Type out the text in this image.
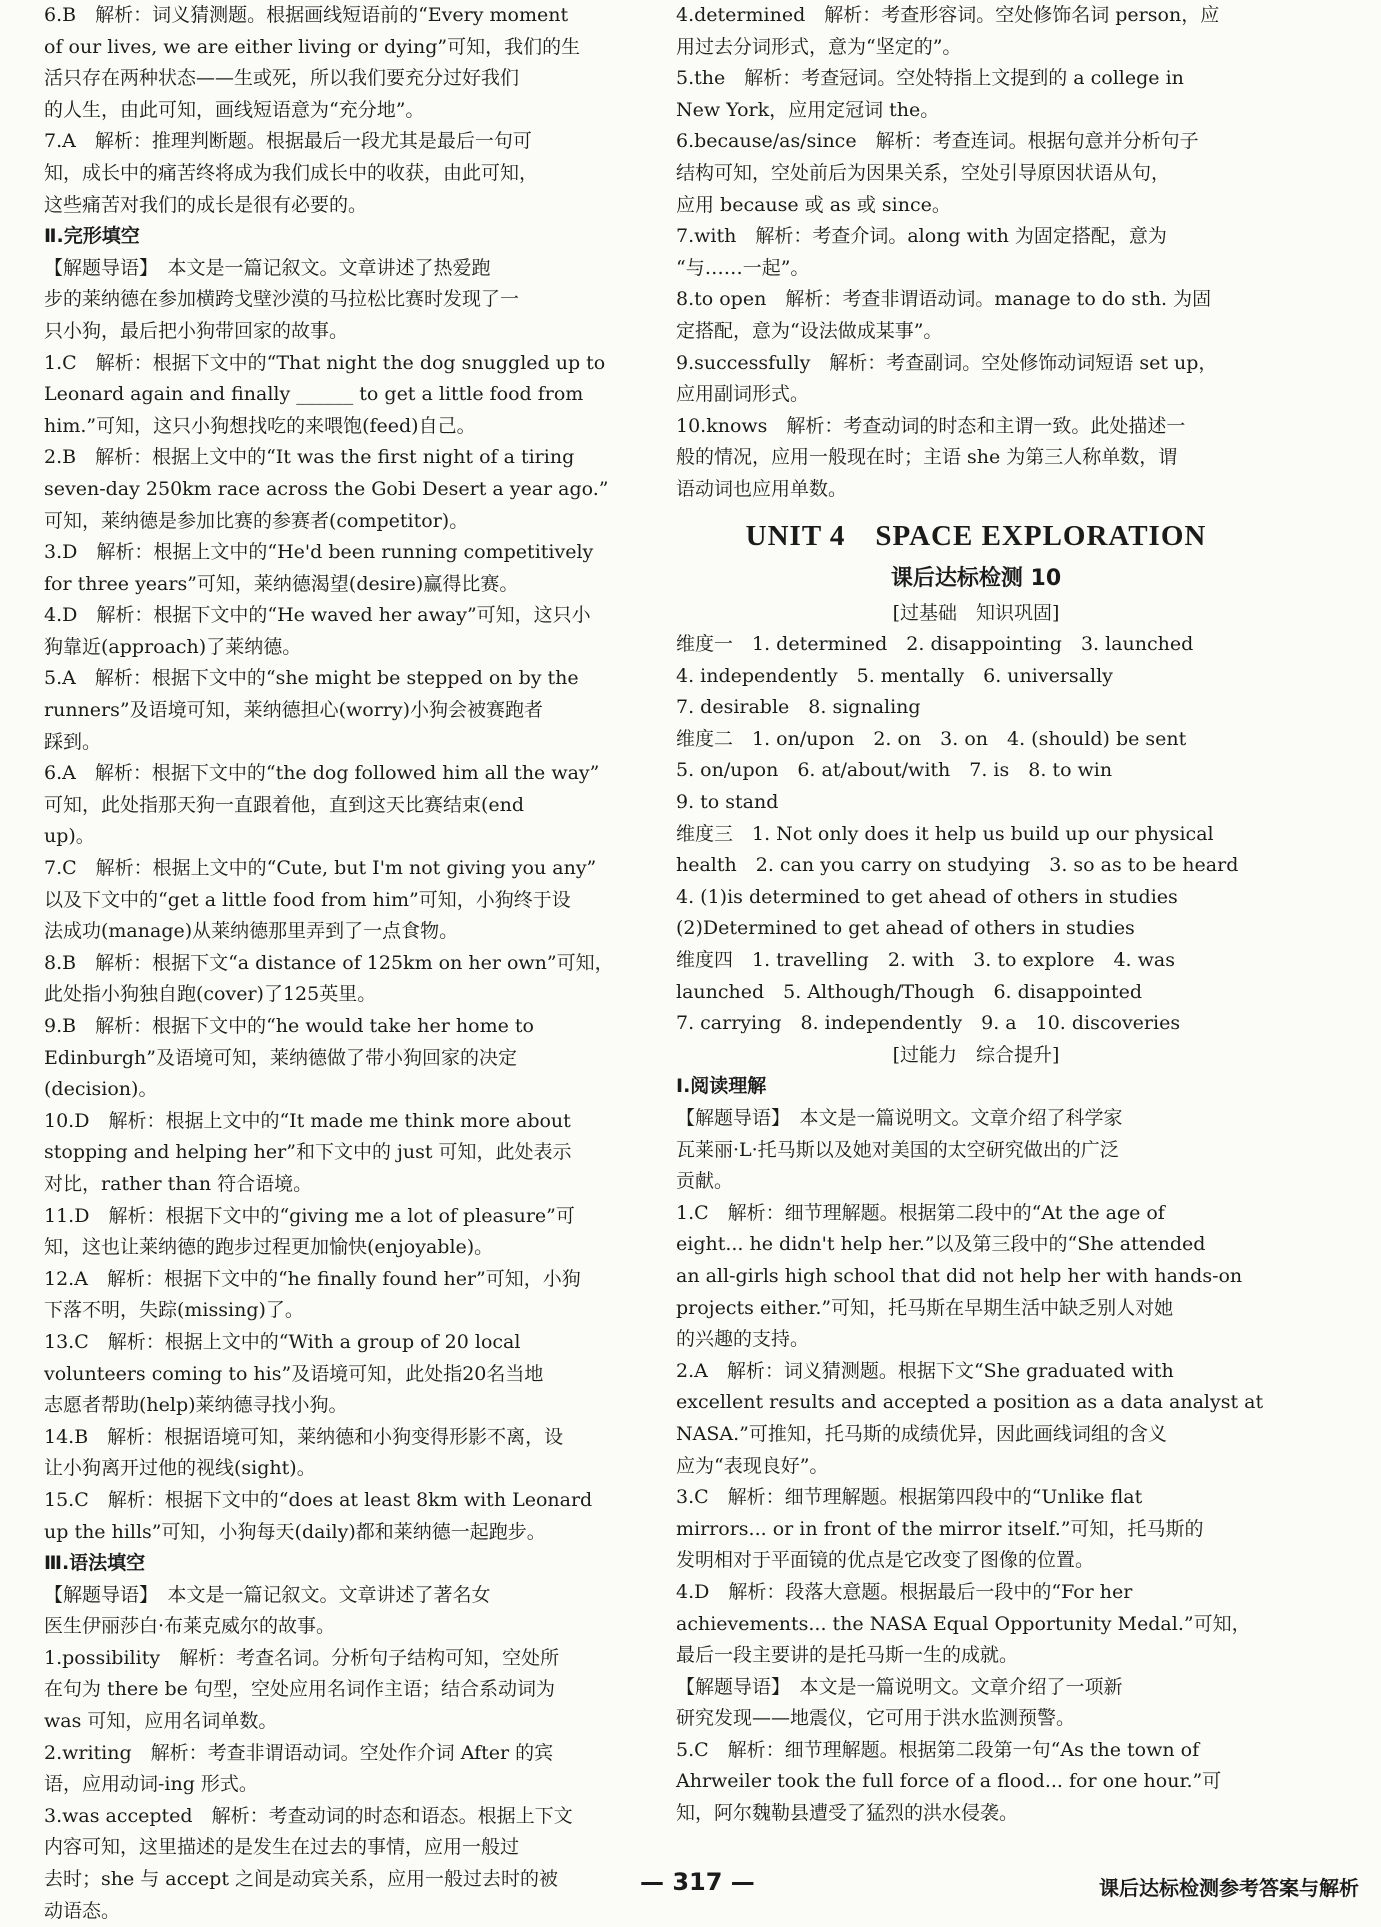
6.B　解析：词义猜测题。根据画线短语前的“Every moment

of our lives, we are either living or dying”可知，我们的生

活只存在两种状态——生或死，所以我们要充分过好我们

的人生，由此可知，画线短语意为“充分地”。

7.A　解析：推理判断题。根据最后一段尤其是最后一句可

知，成长中的痛苦终将成为我们成长中的收获，由此可知，

这些痛苦对我们的成长是很有必要的。

Ⅱ.完形填空

【解题导语】　本文是一篇记叙文。文章讲述了热爱跑

步的莱纳德在参加横跨戈壁沙漠的马拉松比赛时发现了一

只小狗，最后把小狗带回家的故事。

1.C　解析：根据下文中的“That night the dog snuggled up to

Leonard again and finally ______ to get a little food from

him.”可知，这只小狗想找吃的来喂饱(feed)自己。

2.B　解析：根据上文中的“It was the first night of a tiring

seven-day 250km race across the Gobi Desert a year ago.”

可知，莱纳德是参加比赛的参赛者(competitor)。

3.D　解析：根据上文中的“He'd been running competitively

for three years”可知，莱纳德渴望(desire)赢得比赛。

4.D　解析：根据下文中的“He waved her away”可知，这只小

狗靠近(approach)了莱纳德。

5.A　解析：根据下文中的“she might be stepped on by the

runners”及语境可知，莱纳德担心(worry)小狗会被赛跑者

踩到。

6.A　解析：根据下文中的“the dog followed him all the way”

可知，此处指那天狗一直跟着他，直到这天比赛结束(end

up)。

7.C　解析：根据上文中的“Cute, but I'm not giving you any”

以及下文中的“get a little food from him”可知，小狗终于设

法成功(manage)从莱纳德那里弄到了一点食物。

8.B　解析：根据下文“a distance of 125km on her own”可知，

此处指小狗独自跑(cover)了125英里。

9.B　解析：根据下文中的“he would take her home to

Edinburgh”及语境可知，莱纳德做了带小狗回家的决定

(decision)。

10.D　解析：根据上文中的“It made me think more about

stopping and helping her”和下文中的 just 可知，此处表示

对比，rather than 符合语境。

11.D　解析：根据下文中的“giving me a lot of pleasure”可

知，这也让莱纳德的跑步过程更加愉快(enjoyable)。

12.A　解析：根据下文中的“he finally found her”可知，小狗

下落不明，失踪(missing)了。

13.C　解析：根据上文中的“With a group of 20 local

volunteers coming to his”及语境可知，此处指20名当地

志愿者帮助(help)莱纳德寻找小狗。

14.B　解析：根据语境可知，莱纳德和小狗变得形影不离，设

让小狗离开过他的视线(sight)。

15.C　解析：根据下文中的“does at least 8km with Leonard

up the hills”可知，小狗每天(daily)都和莱纳德一起跑步。

Ⅲ.语法填空

【解题导语】　本文是一篇记叙文。文章讲述了著名女

医生伊丽莎白·布莱克威尔的故事。

1.possibility　解析：考查名词。分析句子结构可知，空处所

在句为 there be 句型，空处应用名词作主语；结合系动词为

was 可知，应用名词单数。

2.writing　解析：考查非谓语动词。空处作介词 After 的宾

语，应用动词-ing 形式。

3.was accepted　解析：考查动词的时态和语态。根据上下文

内容可知，这里描述的是发生在过去的事情，应用一般过

去时；she 与 accept 之间是动宾关系，应用一般过去时的被

动语态。

4.determined　解析：考查形容词。空处修饰名词 person，应

用过去分词形式，意为“坚定的”。

5.the　解析：考查冠词。空处特指上文提到的 a college in

New York，应用定冠词 the。

6.because/as/since　解析：考查连词。根据句意并分析句子

结构可知，空处前后为因果关系，空处引导原因状语从句，

应用 because 或 as 或 since。

7.with　解析：考查介词。along with 为固定搭配，意为

“与……一起”。

8.to open　解析：考查非谓语动词。manage to do sth. 为固

定搭配，意为“设法做成某事”。

9.successfully　解析：考查副词。空处修饰动词短语 set up，

应用副词形式。

10.knows　解析：考查动词的时态和主谓一致。此处描述一

般的情况，应用一般现在时；主语 she 为第三人称单数，谓

语动词也应用单数。

UNIT 4　SPACE EXPLORATION

课后达标检测 10

[过基础　知识巩固]

维度一　1. determined　2. disappointing　3. launched

4. independently　5. mentally　6. universally

7. desirable　8. signaling

维度二　1. on/upon　2. on　3. on　4. (should) be sent

5. on/upon　6. at/about/with　7. is　8. to win

9. to stand

维度三　1. Not only does it help us build up our physical

health　2. can you carry on studying　3. so as to be heard

4. (1)is determined to get ahead of others in studies

(2)Determined to get ahead of others in studies

维度四　1. travelling　2. with　3. to explore　4. was

launched　5. Although/Though　6. disappointed

7. carrying　8. independently　9. a　10. discoveries

[过能力　综合提升]

Ⅰ.阅读理解

【解题导语】　本文是一篇说明文。文章介绍了科学家

瓦莱丽·L·托马斯以及她对美国的太空研究做出的广泛

贡献。

1.C　解析：细节理解题。根据第二段中的“At the age of

eight... he didn't help her.”以及第三段中的“She attended

an all-girls high school that did not help her with hands-on

projects either.”可知，托马斯在早期生活中缺乏别人对她

的兴趣的支持。

2.A　解析：词义猜测题。根据下文“She graduated with

excellent results and accepted a position as a data analyst at

NASA.”可推知，托马斯的成绩优异，因此画线词组的含义

应为“表现良好”。

3.C　解析：细节理解题。根据第四段中的“Unlike flat

mirrors... or in front of the mirror itself.”可知，托马斯的

发明相对于平面镜的优点是它改变了图像的位置。

4.D　解析：段落大意题。根据最后一段中的“For her

achievements... the NASA Equal Opportunity Medal.”可知，

最后一段主要讲的是托马斯一生的成就。

【解题导语】　本文是一篇说明文。文章介绍了一项新

研究发现——地震仪，它可用于洪水监测预警。

5.C　解析：细节理解题。根据第二段第一句“As the town of

Ahrweiler took the full force of a flood... for one hour.”可

知，阿尔魏勒县遭受了猛烈的洪水侵袭。

— 317 —	课后达标检测参考答案与解析
